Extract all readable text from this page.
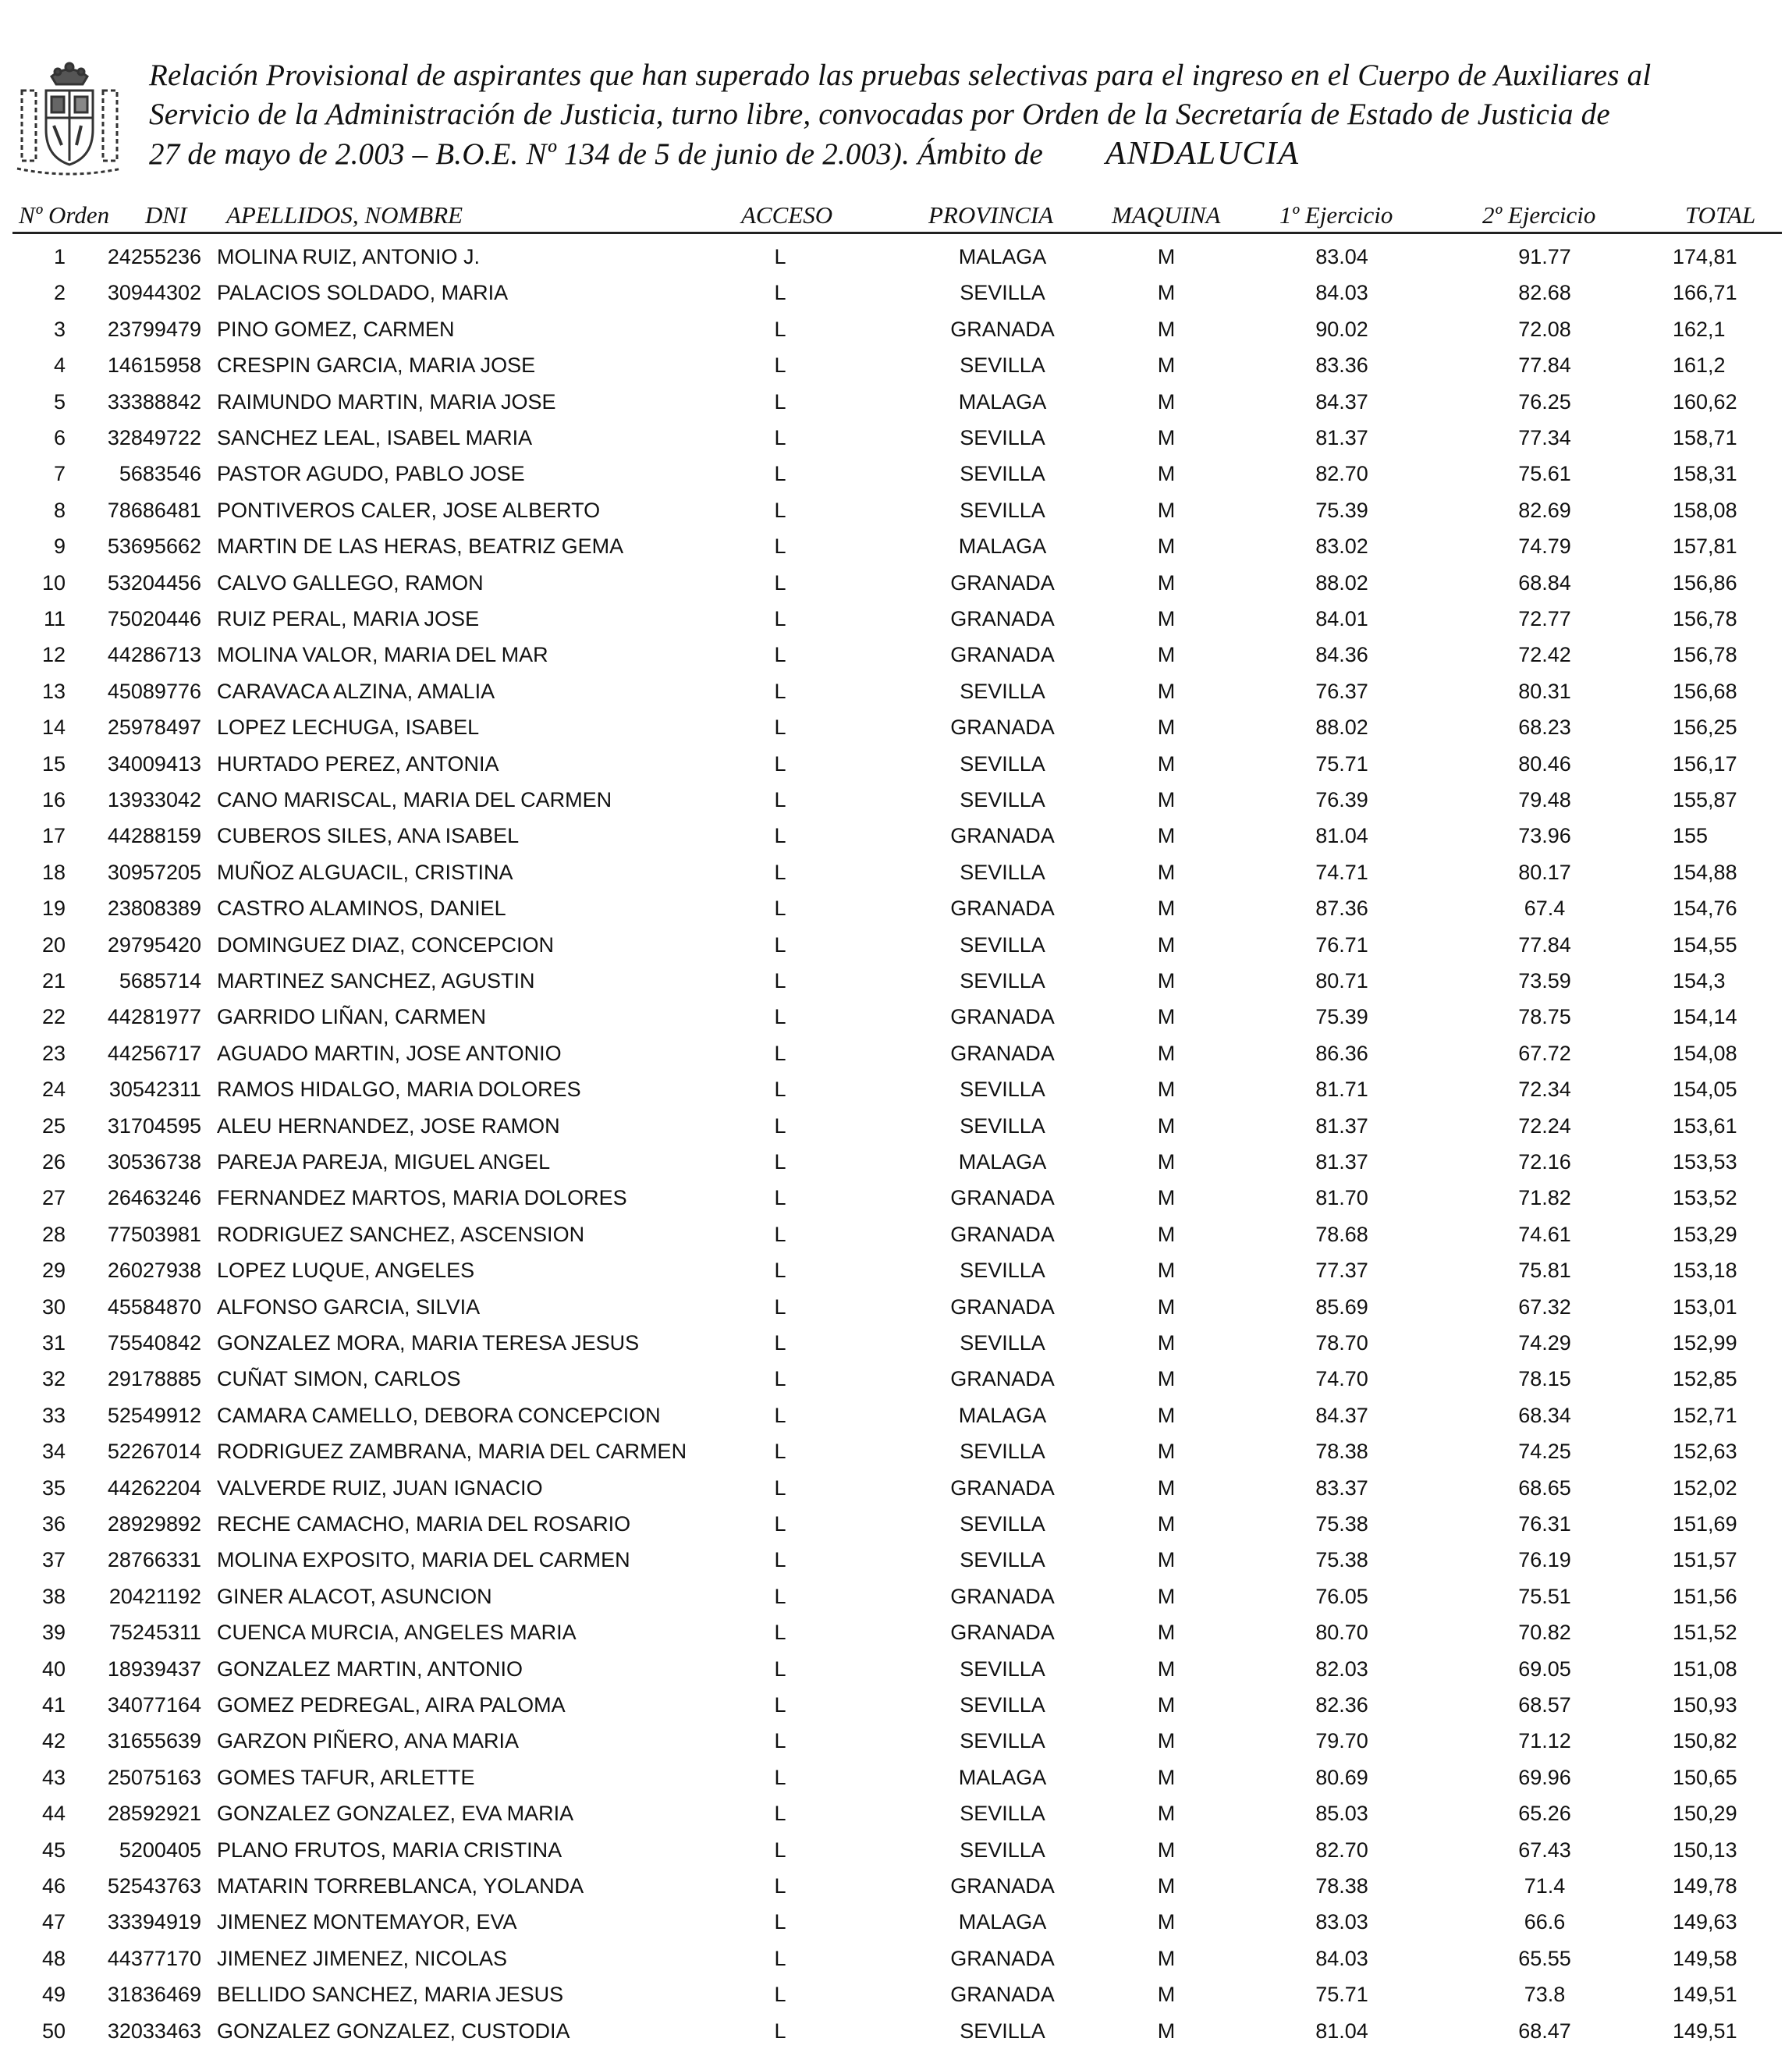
Relación Provisional de aspirantes que han superado las pruebas selectivas para el ingreso en el Cuerpo de Auxiliares al
Servicio de la Administración de Justicia, turno libre, convocadas por Orden de la Secretaría de Estado de Justicia de
27 de mayo de 2.003 – B.O.E. Nº 134 de 5 de junio de 2.003). Ámbito de ANDALUCIA
Nº Orden DNI APELLIDOS, NOMBRE	ACCESO	PROVINCIA MAQUINA 1º Ejercicio	2º Ejercicio	TOTAL
1	24255236 MOLINA RUIZ, ANTONIO J.	L	MALAGA	M	83.04	91.77	174,81
2	30944302 PALACIOS SOLDADO, MARIA	L	SEVILLA	M	84.03	82.68	166,71
3	23799479 PINO GOMEZ, CARMEN	L	GRANADA	M	90.02	72.08	162,1
4	14615958 CRESPIN GARCIA, MARIA JOSE	L	SEVILLA	M	83.36	77.84	161,2
5	33388842 RAIMUNDO MARTIN, MARIA JOSE	L	MALAGA	M	84.37	76.25	160,62
6	32849722 SANCHEZ LEAL, ISABEL MARIA	L	SEVILLA	M	81.37	77.34	158,71
7	5683546 PASTOR AGUDO, PABLO JOSE	L	SEVILLA	M	82.70	75.61	158,31
8	78686481 PONTIVEROS CALER, JOSE ALBERTO	L	SEVILLA	M	75.39	82.69	158,08
9	53695662 MARTIN DE LAS HERAS, BEATRIZ GEMA	L	MALAGA	M	83.02	74.79	157,81
10	53204456 CALVO GALLEGO, RAMON	L	GRANADA	M	88.02	68.84	156,86
11	75020446 RUIZ PERAL, MARIA JOSE	L	GRANADA	M	84.01	72.77	156,78
12	44286713 MOLINA VALOR, MARIA DEL MAR	L	GRANADA	M	84.36	72.42	156,78
13	45089776 CARAVACA ALZINA, AMALIA	L	SEVILLA	M	76.37	80.31	156,68
14	25978497 LOPEZ LECHUGA, ISABEL	L	GRANADA	M	88.02	68.23	156,25
15	34009413 HURTADO PEREZ, ANTONIA	L	SEVILLA	M	75.71	80.46	156,17
16	13933042 CANO MARISCAL, MARIA DEL CARMEN	L	SEVILLA	M	76.39	79.48	155,87
17	44288159 CUBEROS SILES, ANA ISABEL	L	GRANADA	M	81.04	73.96	155
18	30957205 MUÑOZ ALGUACIL, CRISTINA	L	SEVILLA	M	74.71	80.17	154,88
19	23808389 CASTRO ALAMINOS, DANIEL	L	GRANADA	M	87.36	67.4	154,76
20	29795420 DOMINGUEZ DIAZ, CONCEPCION	L	SEVILLA	M	76.71	77.84	154,55
21	5685714 MARTINEZ SANCHEZ, AGUSTIN	L	SEVILLA	M	80.71	73.59	154,3
22	44281977 GARRIDO LIÑAN, CARMEN	L	GRANADA	M	75.39	78.75	154,14
23	44256717 AGUADO MARTIN, JOSE ANTONIO	L	GRANADA	M	86.36	67.72	154,08
24	30542311 RAMOS HIDALGO, MARIA DOLORES	L	SEVILLA	M	81.71	72.34	154,05
25	31704595 ALEU HERNANDEZ, JOSE RAMON	L	SEVILLA	M	81.37	72.24	153,61
26	30536738 PAREJA PAREJA, MIGUEL ANGEL	L	MALAGA	M	81.37	72.16	153,53
27	26463246 FERNANDEZ MARTOS, MARIA DOLORES	L	GRANADA	M	81.70	71.82	153,52
28	77503981 RODRIGUEZ SANCHEZ, ASCENSION	L	GRANADA	M	78.68	74.61	153,29
29	26027938 LOPEZ LUQUE, ANGELES	L	SEVILLA	M	77.37	75.81	153,18
30	45584870 ALFONSO GARCIA, SILVIA	L	GRANADA	M	85.69	67.32	153,01
31	75540842 GONZALEZ MORA, MARIA TERESA JESUS	L	SEVILLA	M	78.70	74.29	152,99
32	29178885 CUÑAT SIMON, CARLOS	L	GRANADA	M	74.70	78.15	152,85
33	52549912 CAMARA CAMELLO, DEBORA CONCEPCION	L	MALAGA	M	84.37	68.34	152,71
34	52267014 RODRIGUEZ ZAMBRANA, MARIA DEL CARMEN	L	SEVILLA	M	78.38	74.25	152,63
35	44262204 VALVERDE RUIZ, JUAN IGNACIO	L	GRANADA	M	83.37	68.65	152,02
36	28929892 RECHE CAMACHO, MARIA DEL ROSARIO	L	SEVILLA	M	75.38	76.31	151,69
37	28766331 MOLINA EXPOSITO, MARIA DEL CARMEN	L	SEVILLA	M	75.38	76.19	151,57
38	20421192 GINER ALACOT, ASUNCION	L	GRANADA	M	76.05	75.51	151,56
39	75245311 CUENCA MURCIA, ANGELES MARIA	L	GRANADA	M	80.70	70.82	151,52
40	18939437 GONZALEZ MARTIN, ANTONIO	L	SEVILLA	M	82.03	69.05	151,08
41	34077164 GOMEZ PEDREGAL, AIRA PALOMA	L	SEVILLA	M	82.36	68.57	150,93
42	31655639 GARZON PIÑERO, ANA MARIA	L	SEVILLA	M	79.70	71.12	150,82
43	25075163 GOMES TAFUR, ARLETTE	L	MALAGA	M	80.69	69.96	150,65
44	28592921 GONZALEZ GONZALEZ, EVA MARIA	L	SEVILLA	M	85.03	65.26	150,29
45	5200405 PLANO FRUTOS, MARIA CRISTINA	L	SEVILLA	M	82.70	67.43	150,13
46	52543763 MATARIN TORREBLANCA, YOLANDA	L	GRANADA	M	78.38	71.4	149,78
47	33394919 JIMENEZ MONTEMAYOR, EVA	L	MALAGA	M	83.03	66.6	149,63
48	44377170 JIMENEZ JIMENEZ, NICOLAS	L	GRANADA	M	84.03	65.55	149,58
49	31836469 BELLIDO SANCHEZ, MARIA JESUS	L	GRANADA	M	75.71	73.8	149,51
50	32033463 GONZALEZ GONZALEZ, CUSTODIA	L	SEVILLA	M	81.04	68.47	149,51
